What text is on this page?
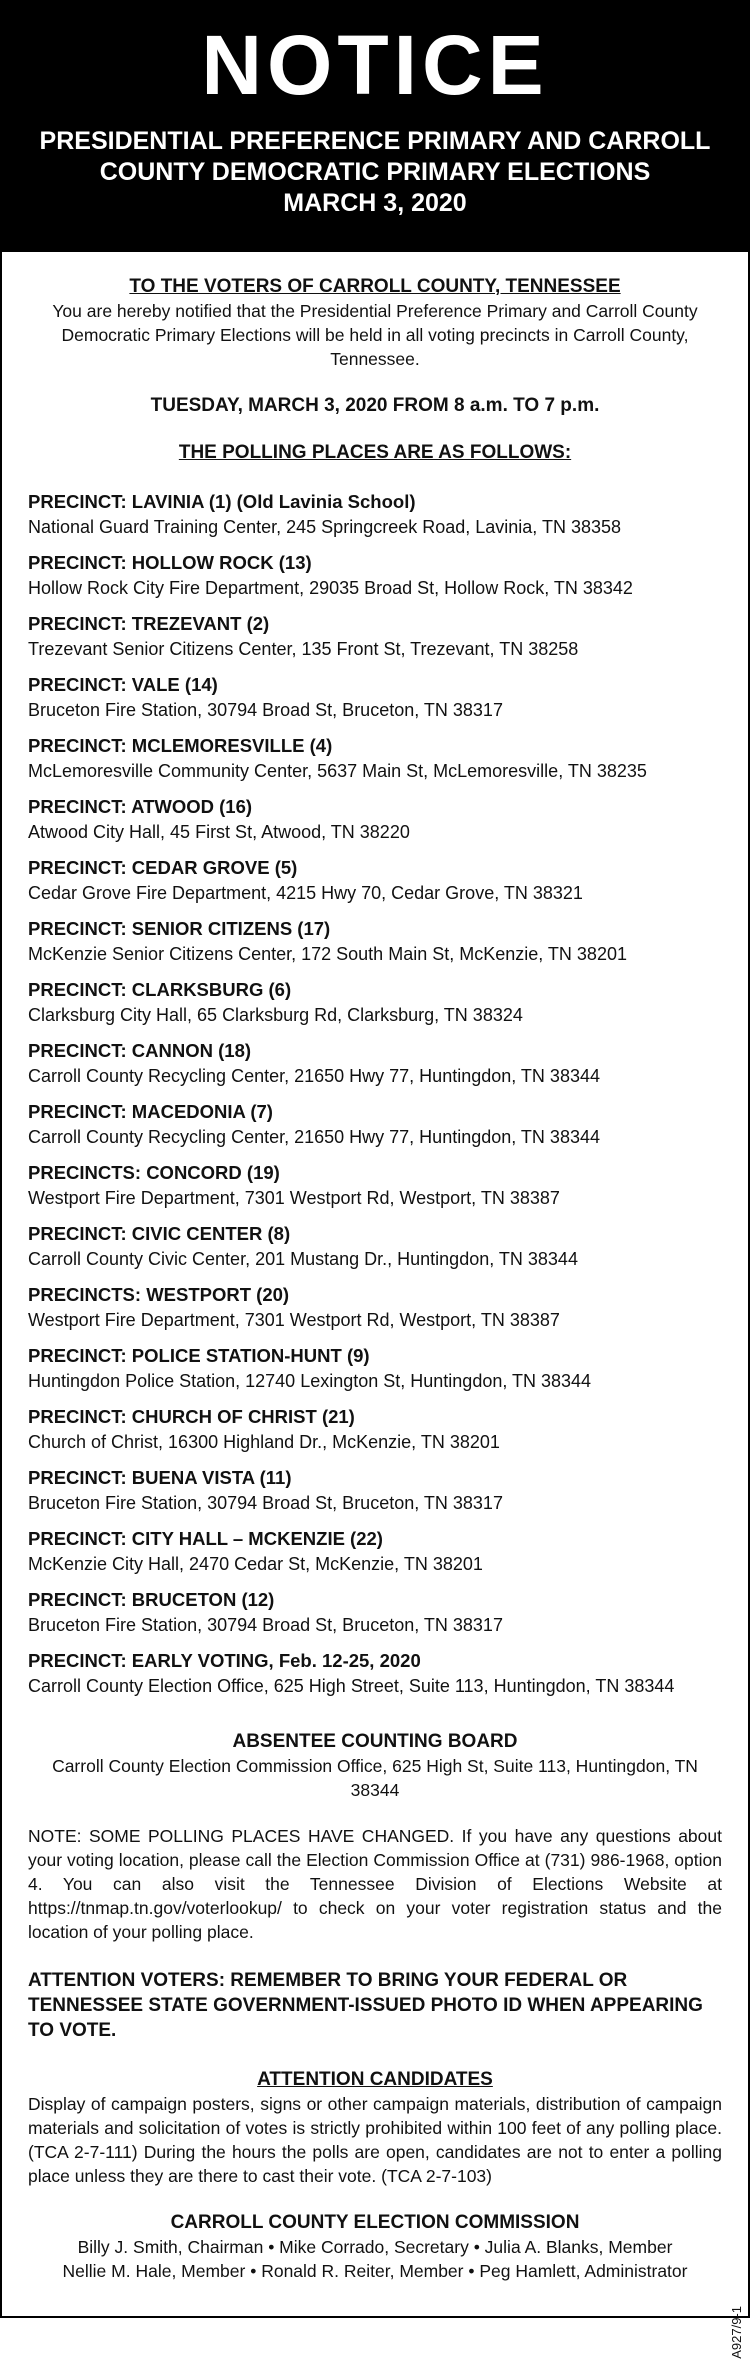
NOTICE
PRESIDENTIAL PREFERENCE PRIMARY AND CARROLL
COUNTY DEMOCRATIC PRIMARY ELECTIONS
MARCH 3, 2020
TO THE VOTERS OF CARROLL COUNTY, TENNESSEE
You are hereby notified that the Presidential Preference Primary and Carroll County Democratic Primary Elections will be held in all voting precincts in Carroll County, Tennessee.
TUESDAY, MARCH 3, 2020 FROM 8 a.m. TO 7 p.m.
THE POLLING PLACES ARE AS FOLLOWS:
PRECINCT: LAVINIA (1) (Old Lavinia School)
National Guard Training Center, 245 Springcreek Road, Lavinia, TN 38358
PRECINCT: HOLLOW ROCK (13)
Hollow Rock City Fire Department, 29035 Broad St, Hollow Rock, TN 38342
PRECINCT: TREZEVANT (2)
Trezevant Senior Citizens Center, 135 Front St, Trezevant, TN 38258
PRECINCT: VALE (14)
Bruceton Fire Station, 30794 Broad St, Bruceton, TN 38317
PRECINCT: MCLEMORESVILLE (4)
McLemoresville Community Center, 5637 Main St, McLemoresville, TN 38235
PRECINCT: ATWOOD (16)
Atwood City Hall, 45 First St, Atwood, TN 38220
PRECINCT: CEDAR GROVE (5)
Cedar Grove Fire Department, 4215 Hwy 70, Cedar Grove, TN 38321
PRECINCT: SENIOR CITIZENS (17)
McKenzie Senior Citizens Center, 172 South Main St, McKenzie, TN 38201
PRECINCT: CLARKSBURG (6)
Clarksburg City Hall, 65 Clarksburg Rd, Clarksburg, TN 38324
PRECINCT: CANNON (18)
Carroll County Recycling Center, 21650 Hwy 77, Huntingdon, TN 38344
PRECINCT: MACEDONIA (7)
Carroll County Recycling Center, 21650 Hwy 77, Huntingdon, TN 38344
PRECINCTS: CONCORD (19)
Westport Fire Department, 7301 Westport Rd, Westport, TN 38387
PRECINCT: CIVIC CENTER (8)
Carroll County Civic Center, 201 Mustang Dr., Huntingdon, TN 38344
PRECINCTS: WESTPORT (20)
Westport Fire Department, 7301 Westport Rd, Westport, TN 38387
PRECINCT: POLICE STATION-HUNT (9)
Huntingdon Police Station, 12740 Lexington St, Huntingdon, TN 38344
PRECINCT: CHURCH OF CHRIST (21)
Church of Christ, 16300 Highland Dr., McKenzie, TN 38201
PRECINCT: BUENA VISTA (11)
Bruceton Fire Station, 30794 Broad St, Bruceton, TN 38317
PRECINCT: CITY HALL – MCKENZIE (22)
McKenzie City Hall, 2470 Cedar St, McKenzie, TN 38201
PRECINCT: BRUCETON (12)
Bruceton Fire Station, 30794 Broad St, Bruceton, TN 38317
PRECINCT: EARLY VOTING, Feb. 12-25, 2020
Carroll County Election Office, 625 High Street, Suite 113, Huntingdon, TN 38344
ABSENTEE COUNTING BOARD
Carroll County Election Commission Office, 625 High St, Suite 113, Huntingdon, TN 38344
NOTE: SOME POLLING PLACES HAVE CHANGED. If you have any questions about your voting location, please call the Election Commission Office at (731) 986-1968, option 4. You can also visit the Tennessee Division of Elections Website at https://tnmap.tn.gov/voterlookup/ to check on your voter registration status and the location of your polling place.
ATTENTION VOTERS: REMEMBER TO BRING YOUR FEDERAL OR TENNESSEE STATE GOVERNMENT-ISSUED PHOTO ID WHEN APPEARING TO VOTE.
ATTENTION CANDIDATES
Display of campaign posters, signs or other campaign materials, distribution of campaign materials and solicitation of votes is strictly prohibited within 100 feet of any polling place. (TCA 2-7-111) During the hours the polls are open, candidates are not to enter a polling place unless they are there to cast their vote. (TCA 2-7-103)
CARROLL COUNTY ELECTION COMMISSION
Billy J. Smith, Chairman • Mike Corrado, Secretary • Julia A. Blanks, Member
Nellie M. Hale, Member • Ronald R. Reiter, Member • Peg Hamlett, Administrator
A927/9-1
